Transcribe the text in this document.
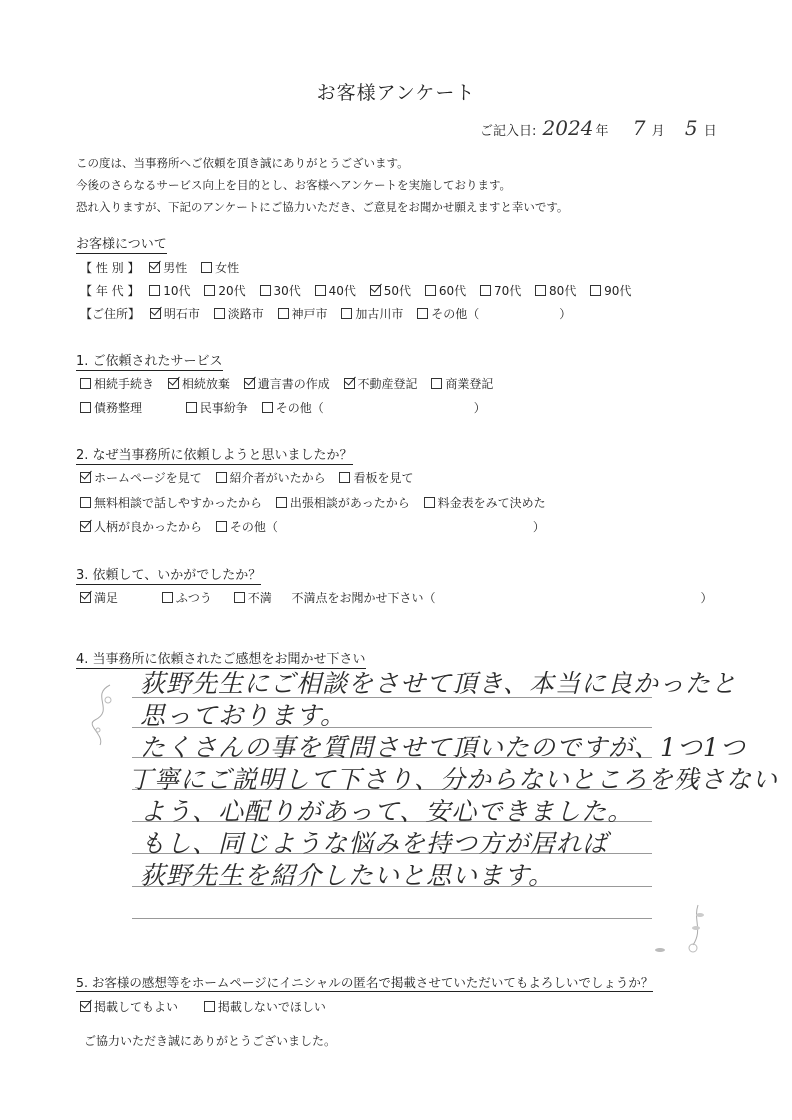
お客様アンケート
ご記入日: 2024 年 7 月 5 日
この度は、当事務所へご依頼を頂き誠にありがとうございます。
今後のさらなるサービス向上を目的とし、お客様へアンケートを実施しております。
恐れ入りますが、下記のアンケートにご協力いただき、ご意見をお聞かせ願えますと幸いです。
お客様について
【 性 別 】 男性 女性
【 年 代 】 10代 20代 30代 40代 50代 60代 70代 80代 90代
【ご住所】 明石市 淡路市 神戸市 加古川市 その他（	）
1. ご依頼されたサービス
相続手続き 相続放棄 遺言書の作成 不動産登記 商業登記
債務整理	民事紛争 その他（	）
2. なぜ当事務所に依頼しようと思いましたか？
ホームページを見て 紹介者がいたから 看板を見て
無料相談で話しやすかったから 出張相談があったから 料金表をみて決めた
人柄が良かったから その他（	）
3. 依頼して、いかがでしたか？
満足	ふつう	不満 不満点をお聞かせ下さい（	）
4. 当事務所に依頼されたご感想をお聞かせ下さい
荻野先生にご相談をさせて頂き、本当に良かったと
思っております。
たくさんの事を質問させて頂いたのですが、1つ1つ
丁寧にご説明して下さり、分からないところを残さない
よう、心配りがあって、安心できました。
もし、同じような悩みを持つ方が居れば
荻野先生を紹介したいと思います。
5. お客様の感想等をホームページにイニシャルの匿名で掲載させていただいてもよろしいでしょうか？
掲載してもよい	掲載しないでほしい
ご協力いただき誠にありがとうございました。
